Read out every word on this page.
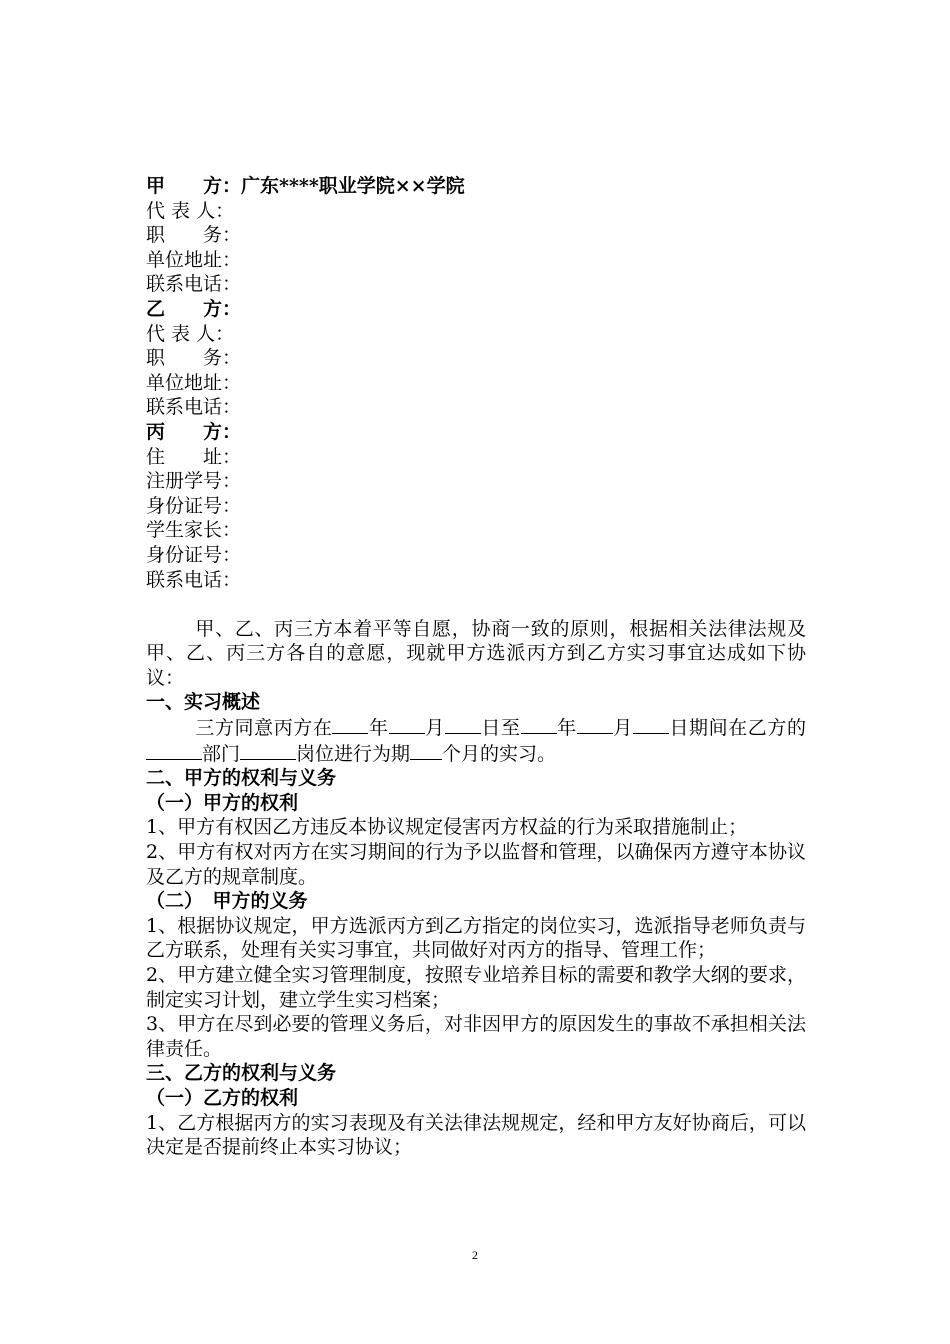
甲　　方：广东****职业学院××学院
代 表 人：
职　　务：
单位地址：
联系电话：
乙　　方：
代 表 人：
职　　务：
单位地址：
联系电话：
丙　　方：
住　　址：
注册学号：
身份证号：
学生家长：
身份证号：
联系电话：
甲、乙、丙三方本着平等自愿，协商一致的原则，根据相关法律法规及甲、乙、丙三方各自的意愿，现就甲方选派丙方到乙方实习事宜达成如下协议：
一、实习概述
三方同意丙方在 年 月 日至 年 月 日期间在乙方的部门	岗位进行为期 个月的实习。
二、甲方的权利与义务
（一）甲方的权利
1、甲方有权因乙方违反本协议规定侵害丙方权益的行为采取措施制止；
2、甲方有权对丙方在实习期间的行为予以监督和管理，以确保丙方遵守本协议及乙方的规章制度。
（二）　甲方的义务
1、根据协议规定，甲方选派丙方到乙方指定的岗位实习，选派指导老师负责与乙方联系，处理有关实习事宜，共同做好对丙方的指导、管理工作；
2、甲方建立健全实习管理制度，按照专业培养目标的需要和教学大纲的要求，制定实习计划，建立学生实习档案；
3、甲方在尽到必要的管理义务后，对非因甲方的原因发生的事故不承担相关法律责任。
三、乙方的权利与义务
（一）乙方的权利
1、乙方根据丙方的实习表现及有关法律法规规定，经和甲方友好协商后，可以决定是否提前终止本实习协议；
2
